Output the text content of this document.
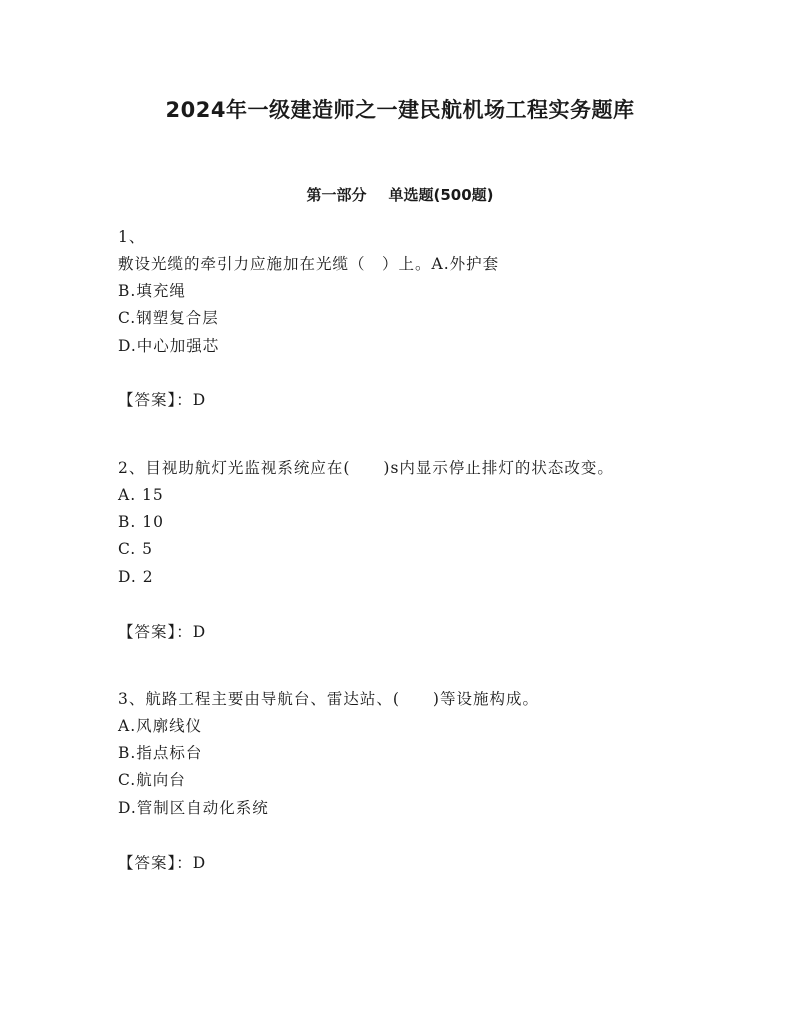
2024年一级建造师之一建民航机场工程实务题库
第一部分 单选题(500题)
1、
敷设光缆的牵引力应施加在光缆（　）上。A.外护套
B.填充绳
C.钢塑复合层
D.中心加强芯
【答案】：D
2、目视助航灯光监视系统应在(　　)s内显示停止排灯的状态改变。
A. 15
B. 10
C. 5
D. 2
【答案】：D
3、航路工程主要由导航台、雷达站、(　　)等设施构成。
A.风廓线仪
B.指点标台
C.航向台
D.管制区自动化系统
【答案】：D
